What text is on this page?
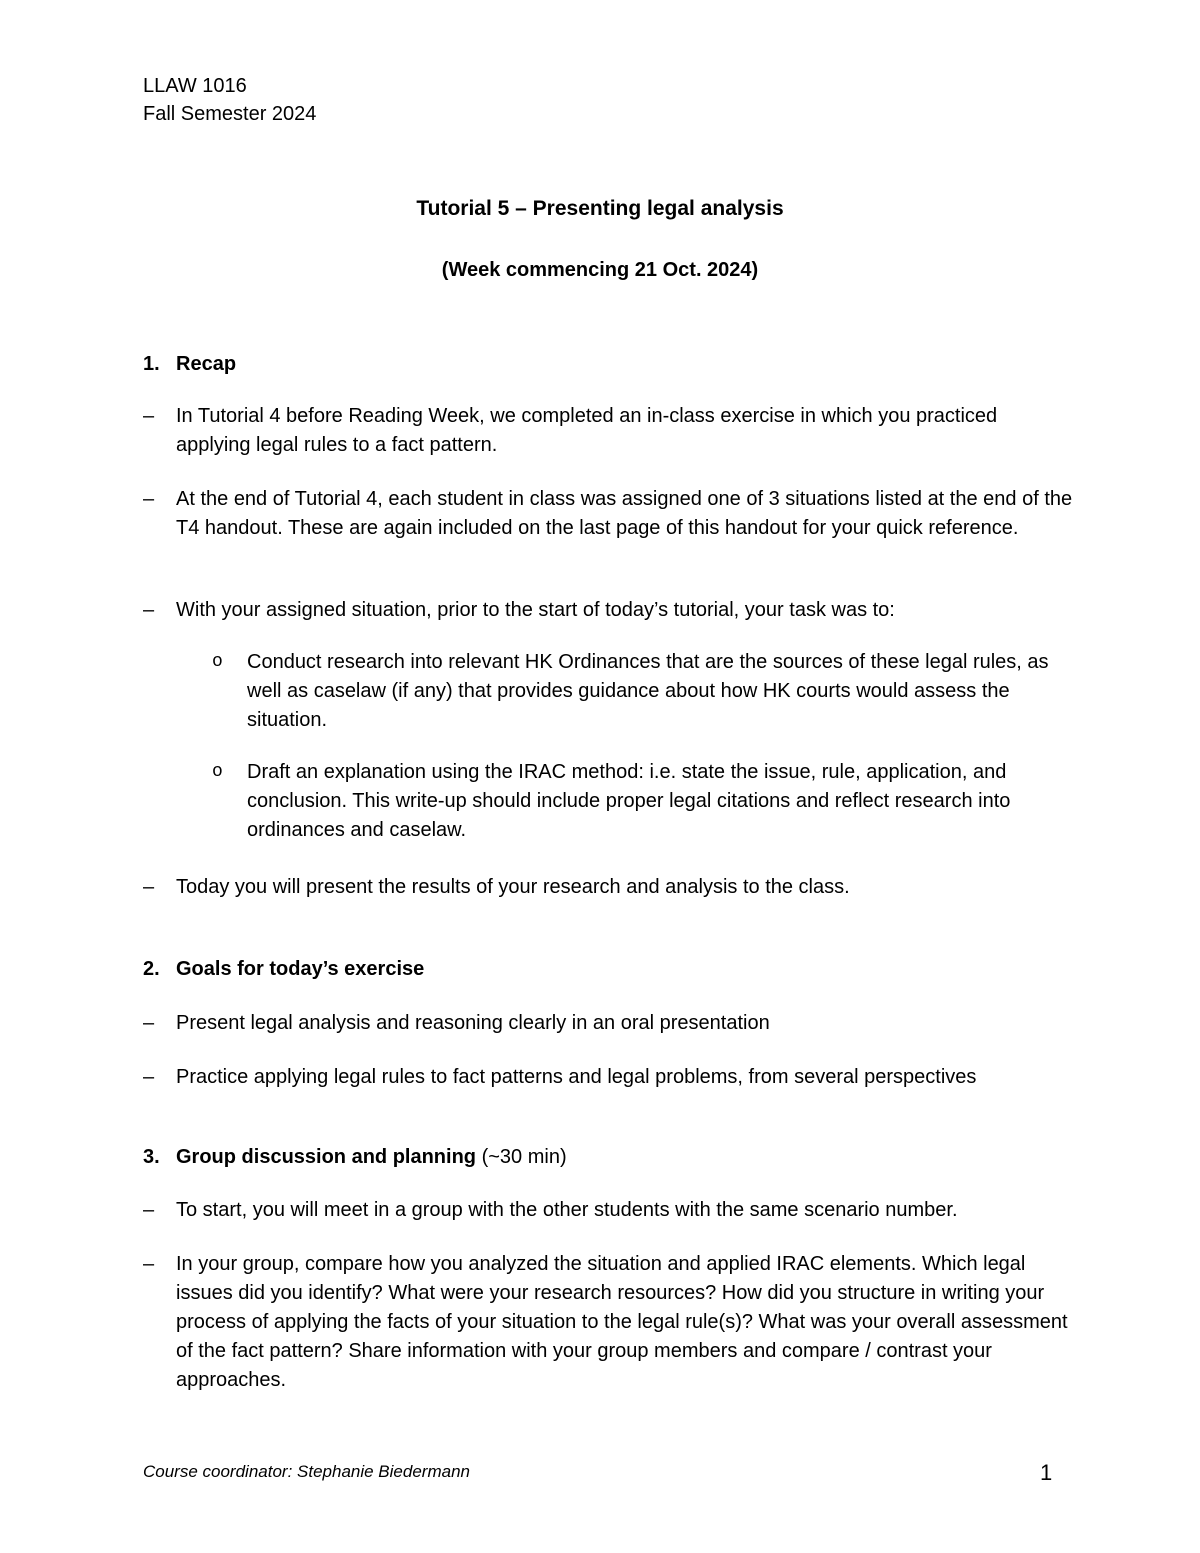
LLAW 1016
Fall Semester 2024
Tutorial 5 – Presenting legal analysis
(Week commencing 21 Oct. 2024)
1. Recap
– In Tutorial 4 before Reading Week, we completed an in-class exercise in which you practiced applying legal rules to a fact pattern.
– At the end of Tutorial 4, each student in class was assigned one of 3 situations listed at the end of the T4 handout. These are again included on the last page of this handout for your quick reference.
– With your assigned situation, prior to the start of today’s tutorial, your task was to:
o Conduct research into relevant HK Ordinances that are the sources of these legal rules, as well as caselaw (if any) that provides guidance about how HK courts would assess the situation.
o Draft an explanation using the IRAC method: i.e. state the issue, rule, application, and conclusion. This write-up should include proper legal citations and reflect research into ordinances and caselaw.
– Today you will present the results of your research and analysis to the class.
2. Goals for today’s exercise
– Present legal analysis and reasoning clearly in an oral presentation
– Practice applying legal rules to fact patterns and legal problems, from several perspectives
3. Group discussion and planning (~30 min)
– To start, you will meet in a group with the other students with the same scenario number.
– In your group, compare how you analyzed the situation and applied IRAC elements. Which legal issues did you identify? What were your research resources? How did you structure in writing your process of applying the facts of your situation to the legal rule(s)? What was your overall assessment of the fact pattern? Share information with your group members and compare / contrast your approaches.
Course coordinator: Stephanie Biedermann	1
